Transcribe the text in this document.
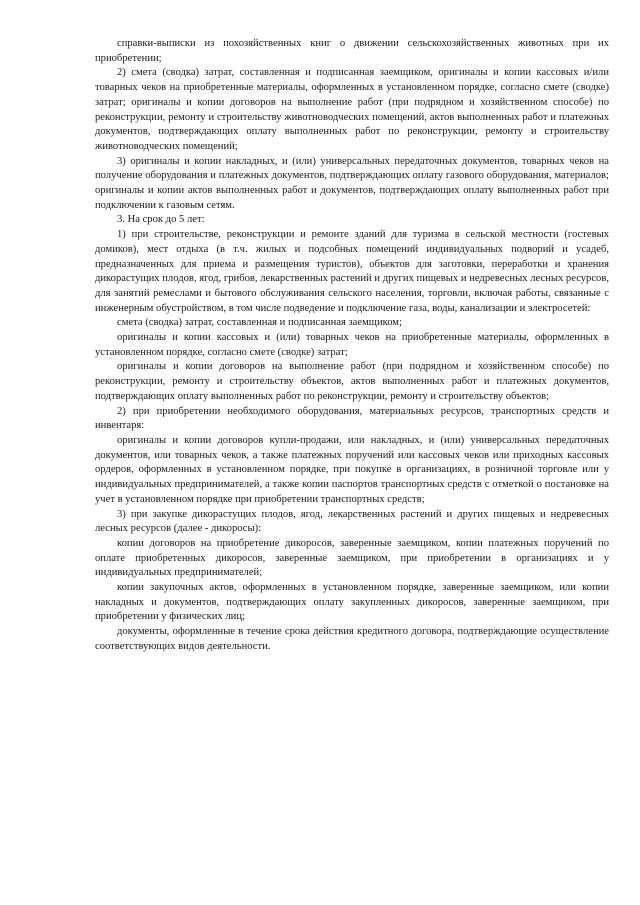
справки-выписки из похозяйственных книг о движении сельскохозяйственных животных при их приобретении;

2) смета (сводка) затрат, составленная и подписанная заемщиком, оригиналы и копии кассовых и/или товарных чеков на приобретенные материалы, оформленных в установленном порядке, согласно смете (сводке) затрат; оригиналы и копии договоров на выполнение работ (при подрядном и хозяйственном способе) по реконструкции, ремонту и строительству животноводческих помещений, актов выполненных работ и платежных документов, подтверждающих оплату выполненных работ по реконструкции, ремонту и строительству животноводческих помещений;

3) оригиналы и копии накладных, и (или) универсальных передаточных документов, товарных чеков на получение оборудования и платежных документов, подтверждающих оплату газового оборудования, материалов; оригиналы и копии актов выполненных работ и документов, подтверждающих оплату выполненных работ при подключении к газовым сетям.

3. На срок до 5 лет:

1) при строительстве, реконструкции и ремонте зданий для туризма в сельской местности (гостевых домиков), мест отдыха (в т.ч. жилых и подсобных помещений индивидуальных подворий и усадеб, предназначенных для приема и размещения туристов), объектов для заготовки, переработки и хранения дикорастущих плодов, ягод, грибов, лекарственных растений и других пищевых и недревесных лесных ресурсов, для занятий ремеслами и бытового обслуживания сельского населения, торговли, включая работы, связанные с инженерным обустройством, в том числе подведение и подключение газа, воды, канализации и электросетей:

смета (сводка) затрат, составленная и подписанная заемщиком;

оригиналы и копии кассовых и (или) товарных чеков на приобретенные материалы, оформленных в установленном порядке, согласно смете (сводке) затрат;

оригиналы и копии договоров на выполнение работ (при подрядном и хозяйственном способе) по реконструкции, ремонту и строительству объектов, актов выполненных работ и платежных документов, подтверждающих оплату выполненных работ по реконструкции, ремонту и строительству объектов;

2) при приобретении необходимого оборудования, материальных ресурсов, транспортных средств и инвентаря:

оригиналы и копии договоров купли-продажи, или накладных, и (или) универсальных передаточных документов, или товарных чеков, а также платежных поручений или кассовых чеков или приходных кассовых ордеров, оформленных в установленном порядке, при покупке в организациях, в розничной торговле или у индивидуальных предпринимателей, а также копии паспортов транспортных средств с отметкой о постановке на учет в установленном порядке при приобретении транспортных средств;

3) при закупке дикорастущих плодов, ягод, лекарственных растений и других пищевых и недревесных лесных ресурсов (далее - дикоросы):

копии договоров на приобретение дикоросов, заверенные заемщиком, копии платежных поручений по оплате приобретенных дикоросов, заверенные заемщиком, при приобретении в организациях и у индивидуальных предпринимателей;

копии закупочных актов, оформленных в установленном порядке, заверенные заемщиком, или копии накладных и документов, подтверждающих оплату закупленных дикоросов, заверенные заемщиком, при приобретении у физических лиц;

документы, оформленные в течение срока действия кредитного договора, подтверждающие осуществление соответствующих видов деятельности.
